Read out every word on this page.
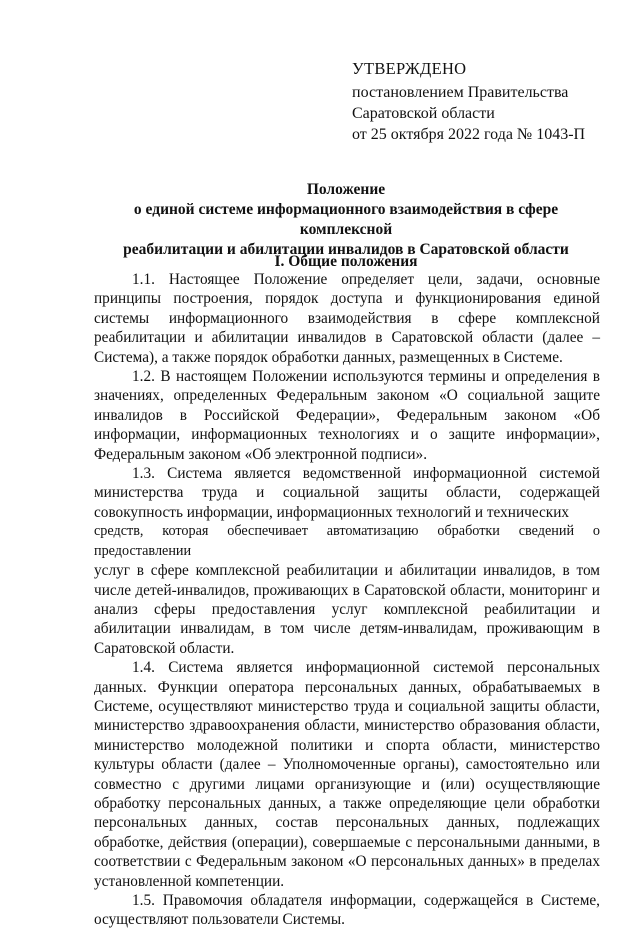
УТВЕРЖДЕНО
постановлением Правительства
Саратовской области
от 25 октября 2022 года № 1043-П
Положение
о единой системе информационного взаимодействия в сфере комплексной
реабилитации и абилитации инвалидов в Саратовской области
I. Общие положения

1.1. Настоящее Положение определяет цели, задачи, основные принципы построения, порядок доступа и функционирования единой системы информационного взаимодействия в сфере комплексной реабилитации и абилитации инвалидов в Саратовской области (далее – Система), а также порядок обработки данных, размещенных в Системе.

1.2. В настоящем Положении используются термины и определения в значениях, определенных Федеральным законом «О социальной защите инвалидов в Российской Федерации», Федеральным законом «Об информации, информационных технологиях и о защите информации», Федеральным законом «Об электронной подписи».

1.3. Система является ведомственной информационной системой министерства труда и социальной защиты области, содержащей совокупность информации, информационных технологий и технических

средств, которая обеспечивает автоматизацию обработки сведений о предоставлении

услуг в сфере комплексной реабилитации и абилитации инвалидов, в том числе детей-инвалидов, проживающих в Саратовской области, мониторинг и анализ сферы предоставления услуг комплексной реабилитации и абилитации инвалидам, в том числе детям-инвалидам, проживающим в Саратовской области.

1.4. Система является информационной системой персональных данных. Функции оператора персональных данных, обрабатываемых в Системе, осуществляют министерство труда и социальной защиты области, министерство здравоохранения области, министерство образования области, министерство молодежной политики и спорта области, министерство культуры области (далее – Уполномоченные органы), самостоятельно или совместно с другими лицами организующие и (или) осуществляющие обработку персональных данных, а также определяющие цели обработки персональных данных, состав персональных данных, подлежащих обработке, действия (операции), совершаемые с персональными данными, в соответствии с Федеральным законом «О персональных данных» в пределах установленной компетенции.

1.5. Правомочия обладателя информации, содержащейся в Системе, осуществляют пользователи Системы.
